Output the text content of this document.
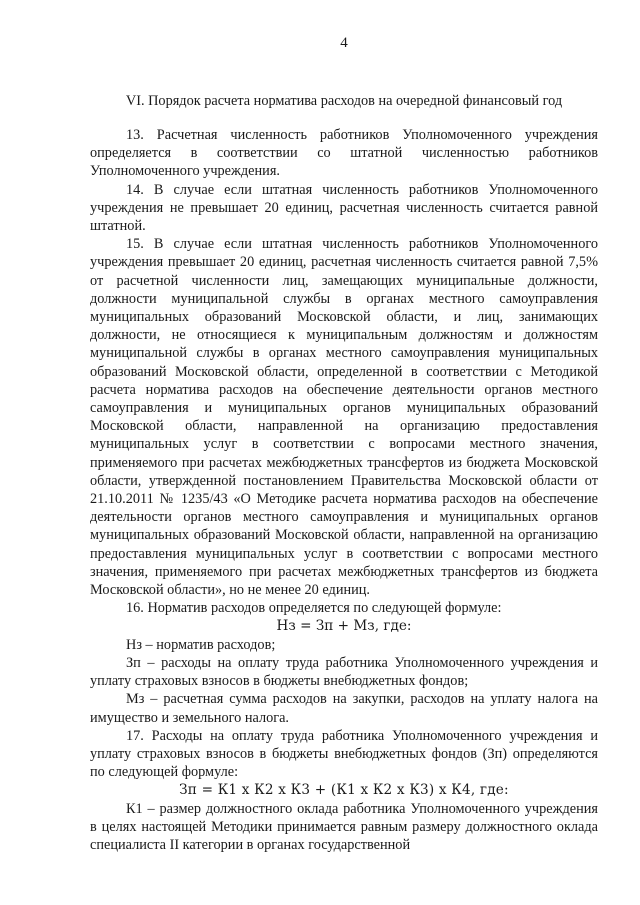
4
VI. Порядок расчета норматива расходов на очередной финансовый год

13. Расчетная численность работников Уполномоченного учреждения определяется в соответствии со штатной численностью работников Уполномоченного учреждения.

14. В случае если штатная численность работников Уполномоченного учреждения не превышает 20 единиц, расчетная численность считается равной штатной.

15. В случае если штатная численность работников Уполномоченного учреждения превышает 20 единиц, расчетная численность считается равной 7,5% от расчетной численности лиц, замещающих муниципальные должности, должности муниципальной службы в органах местного самоуправления муниципальных образований Московской области, и лиц, занимающих должности, не относящиеся к муниципальным должностям и должностям муниципальной службы в органах местного самоуправления муниципальных образований Московской области, определенной в соответствии с Методикой расчета норматива расходов на обеспечение деятельности органов местного самоуправления и муниципальных органов муниципальных образований Московской области, направленной на организацию предоставления муниципальных услуг в соответствии с вопросами местного значения, применяемого при расчетах межбюджетных трансфертов из бюджета Московской области, утвержденной постановлением Правительства Московской области от 21.10.2011 № 1235/43 «О Методике расчета норматива расходов на обеспечение деятельности органов местного самоуправления и муниципальных органов муниципальных образований Московской области, направленной на организацию предоставления муниципальных услуг в соответствии с вопросами местного значения, применяемого при расчетах межбюджетных трансфертов из бюджета Московской области», но не менее 20 единиц.

16. Норматив расходов определяется по следующей формуле:

Нз = Зп + Мз, где:

Нз – норматив расходов;

Зп – расходы на оплату труда работника Уполномоченного учреждения и уплату страховых взносов в бюджеты внебюджетных фондов;

Мз – расчетная сумма расходов на закупки, расходов на уплату налога на имущество и земельного налога.

17. Расходы на оплату труда работника Уполномоченного учреждения и уплату страховых взносов в бюджеты внебюджетных фондов (Зп) определяются по следующей формуле:

Зп = К1 x К2 x К3 + (К1 x К2 x К3) x К4, где:

К1 – размер должностного оклада работника Уполномоченного учреждения в целях настоящей Методики принимается равным размеру должностного оклада специалиста II категории в органах государственной
